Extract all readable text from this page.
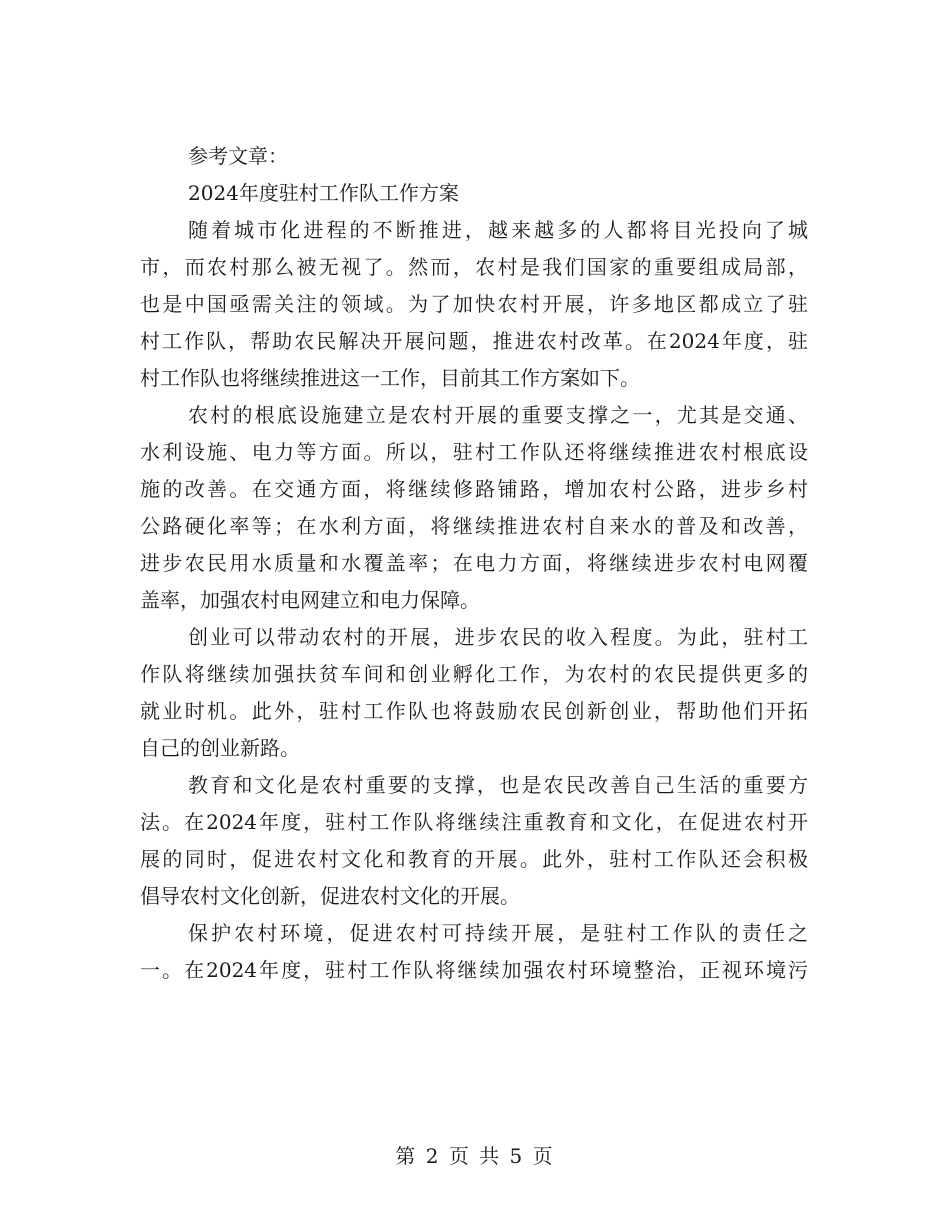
参考文章：
2024年度驻村工作队工作方案
随着城市化进程的不断推进，越来越多的人都将目光投向了城
市，而农村那么被无视了。然而，农村是我们国家的重要组成局部，
也是中国亟需关注的领域。为了加快农村开展，许多地区都成立了驻
村工作队，帮助农民解决开展问题，推进农村改革。在2024年度，驻
村工作队也将继续推进这一工作，目前其工作方案如下。
农村的根底设施建立是农村开展的重要支撑之一，尤其是交通、
水利设施、电力等方面。所以，驻村工作队还将继续推进农村根底设
施的改善。在交通方面，将继续修路铺路，增加农村公路，进步乡村
公路硬化率等；在水利方面，将继续推进农村自来水的普及和改善，
进步农民用水质量和水覆盖率；在电力方面，将继续进步农村电网覆
盖率，加强农村电网建立和电力保障。
创业可以带动农村的开展，进步农民的收入程度。为此，驻村工
作队将继续加强扶贫车间和创业孵化工作，为农村的农民提供更多的
就业时机。此外，驻村工作队也将鼓励农民创新创业，帮助他们开拓
自己的创业新路。
教育和文化是农村重要的支撑，也是农民改善自己生活的重要方
法。在2024年度，驻村工作队将继续注重教育和文化，在促进农村开
展的同时，促进农村文化和教育的开展。此外，驻村工作队还会积极
倡导农村文化创新，促进农村文化的开展。
保护农村环境，促进农村可持续开展，是驻村工作队的责任之
一。在2024年度，驻村工作队将继续加强农村环境整治，正视环境污
第 2 页 共 5 页
